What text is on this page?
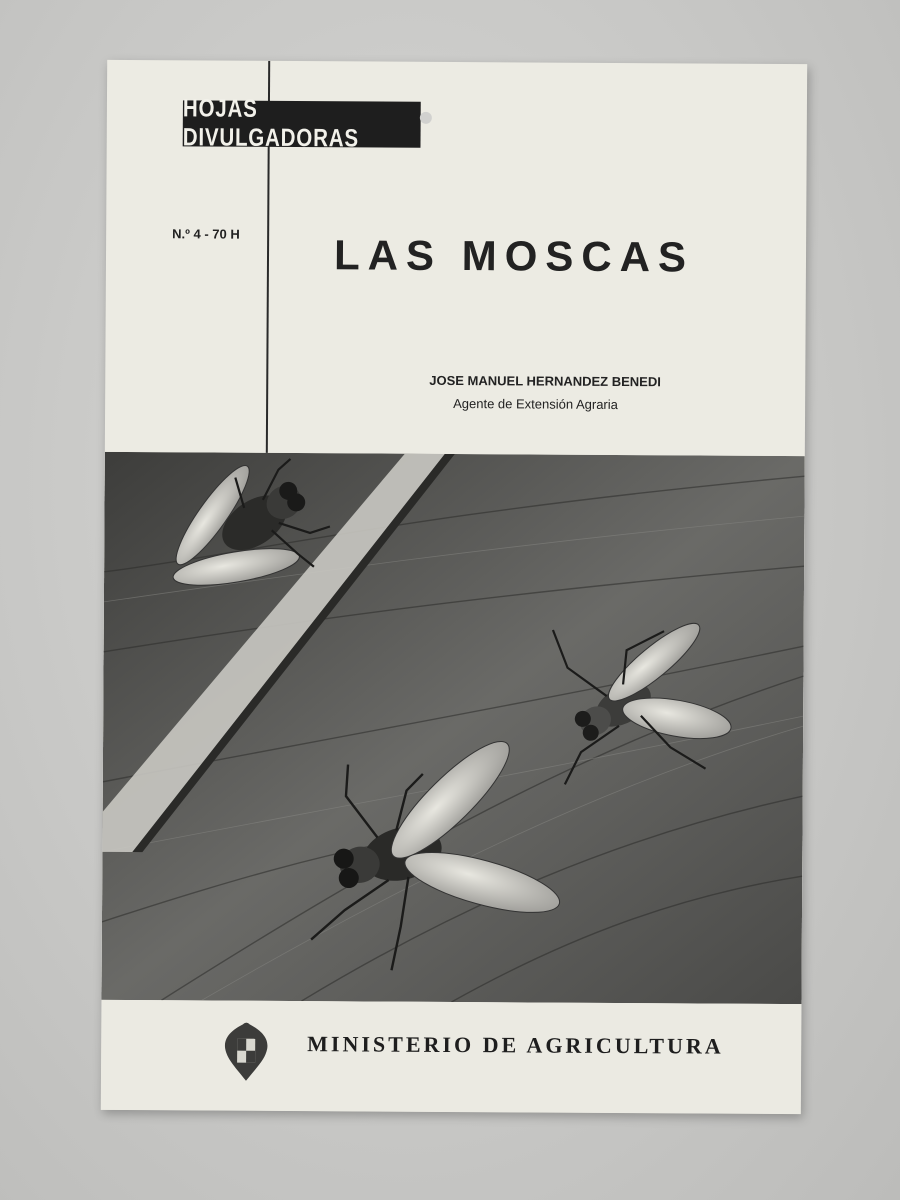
HOJAS DIVULGADORAS
N.º 4 - 70 H LAS MOSCAS
JOSE MANUEL HERNANDEZ BENEDI
Agente de Extensión Agraria
MINISTERIO DE AGRICULTURA
